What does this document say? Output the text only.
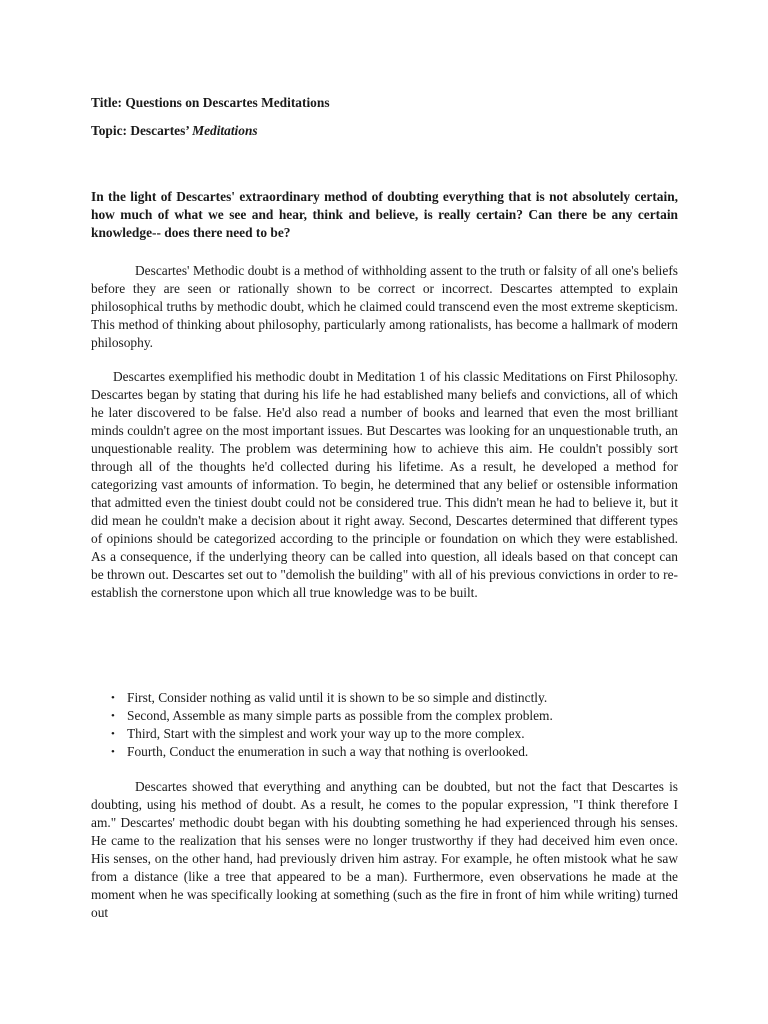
Title: Questions on Descartes Meditations
Topic: Descartes’ Meditations
In the light of Descartes' extraordinary method of doubting everything that is not absolutely certain, how much of what we see and hear, think and believe, is really certain? Can there be any certain knowledge-- does there need to be?
Descartes' Methodic doubt is a method of withholding assent to the truth or falsity of all one's beliefs before they are seen or rationally shown to be correct or incorrect. Descartes attempted to explain philosophical truths by methodic doubt, which he claimed could transcend even the most extreme skepticism. This method of thinking about philosophy, particularly among rationalists, has become a hallmark of modern philosophy.
Descartes exemplified his methodic doubt in Meditation 1 of his classic Meditations on First Philosophy. Descartes began by stating that during his life he had established many beliefs and convictions, all of which he later discovered to be false. He'd also read a number of books and learned that even the most brilliant minds couldn't agree on the most important issues. But Descartes was looking for an unquestionable truth, an unquestionable reality. The problem was determining how to achieve this aim. He couldn't possibly sort through all of the thoughts he'd collected during his lifetime. As a result, he developed a method for categorizing vast amounts of information. To begin, he determined that any belief or ostensible information that admitted even the tiniest doubt could not be considered true. This didn't mean he had to believe it, but it did mean he couldn't make a decision about it right away. Second, Descartes determined that different types of opinions should be categorized according to the principle or foundation on which they were established. As a consequence, if the underlying theory can be called into question, all ideals based on that concept can be thrown out. Descartes set out to "demolish the building" with all of his previous convictions in order to re-establish the cornerstone upon which all true knowledge was to be built.
• First, Consider nothing as valid until it is shown to be so simple and distinctly.
• Second, Assemble as many simple parts as possible from the complex problem.
• Third, Start with the simplest and work your way up to the more complex.
• Fourth, Conduct the enumeration in such a way that nothing is overlooked.
Descartes showed that everything and anything can be doubted, but not the fact that Descartes is doubting, using his method of doubt. As a result, he comes to the popular expression, "I think therefore I am." Descartes' methodic doubt began with his doubting something he had experienced through his senses. He came to the realization that his senses were no longer trustworthy if they had deceived him even once. His senses, on the other hand, had previously driven him astray. For example, he often mistook what he saw from a distance (like a tree that appeared to be a man). Furthermore, even observations he made at the moment when he was specifically looking at something (such as the fire in front of him while writing) turned out
